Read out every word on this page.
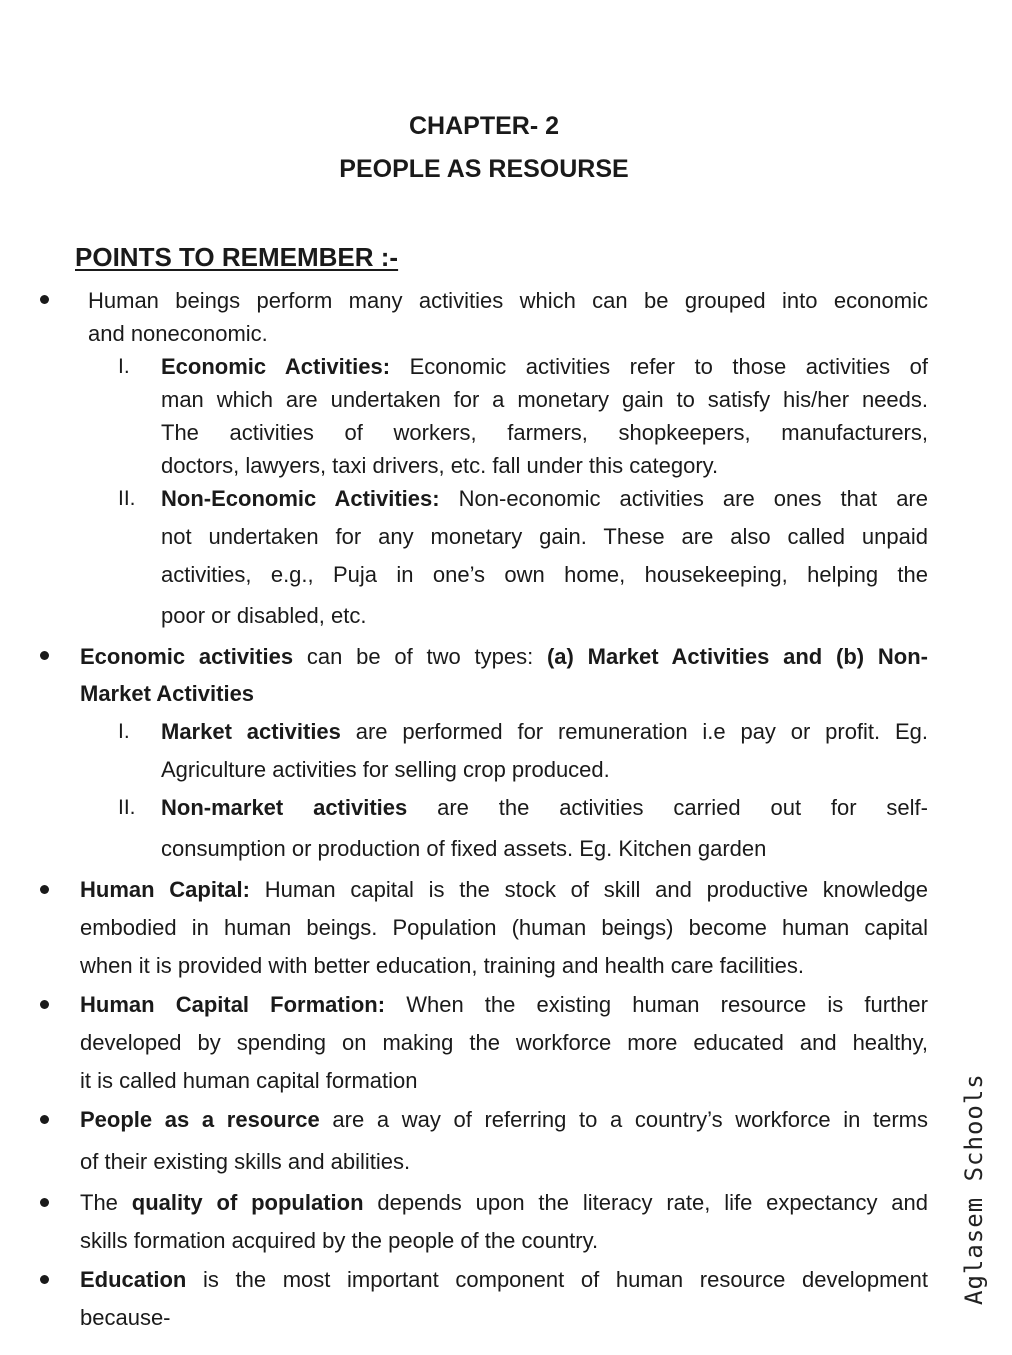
CHAPTER- 2
PEOPLE AS RESOURSE
POINTS TO REMEMBER :-
Human beings perform many activities which can be grouped into economic
and noneconomic.
I. Economic Activities: Economic activities refer to those activities of
man which are undertaken for a monetary gain to satisfy his/her needs.
The activities of workers, farmers, shopkeepers, manufacturers,
doctors, lawyers, taxi drivers, etc. fall under this category.
II. Non-Economic Activities: Non-economic activities are ones that are
not undertaken for any monetary gain. These are also called unpaid
activities, e.g., Puja in one’s own home, housekeeping, helping the
poor or disabled, etc.
Economic activities can be of two types: (a) Market Activities and (b) Non-
Market Activities
I. Market activities are performed for remuneration i.e pay or profit. Eg.
Agriculture activities for selling crop produced.
II. Non-market activities are the activities carried out for self-
consumption or production of fixed assets. Eg. Kitchen garden
Human Capital: Human capital is the stock of skill and productive knowledge
embodied in human beings. Population (human beings) become human capital
when it is provided with better education, training and health care facilities.
Human Capital Formation: When the existing human resource is further
developed by spending on making the workforce more educated and healthy,
it is called human capital formation
People as a resource are a way of referring to a country’s workforce in terms
of their existing skills and abilities.
The quality of population depends upon the literacy rate, life expectancy and
skills formation acquired by the people of the country.
Education is the most important component of human resource development
because-
Aglasem Schools
